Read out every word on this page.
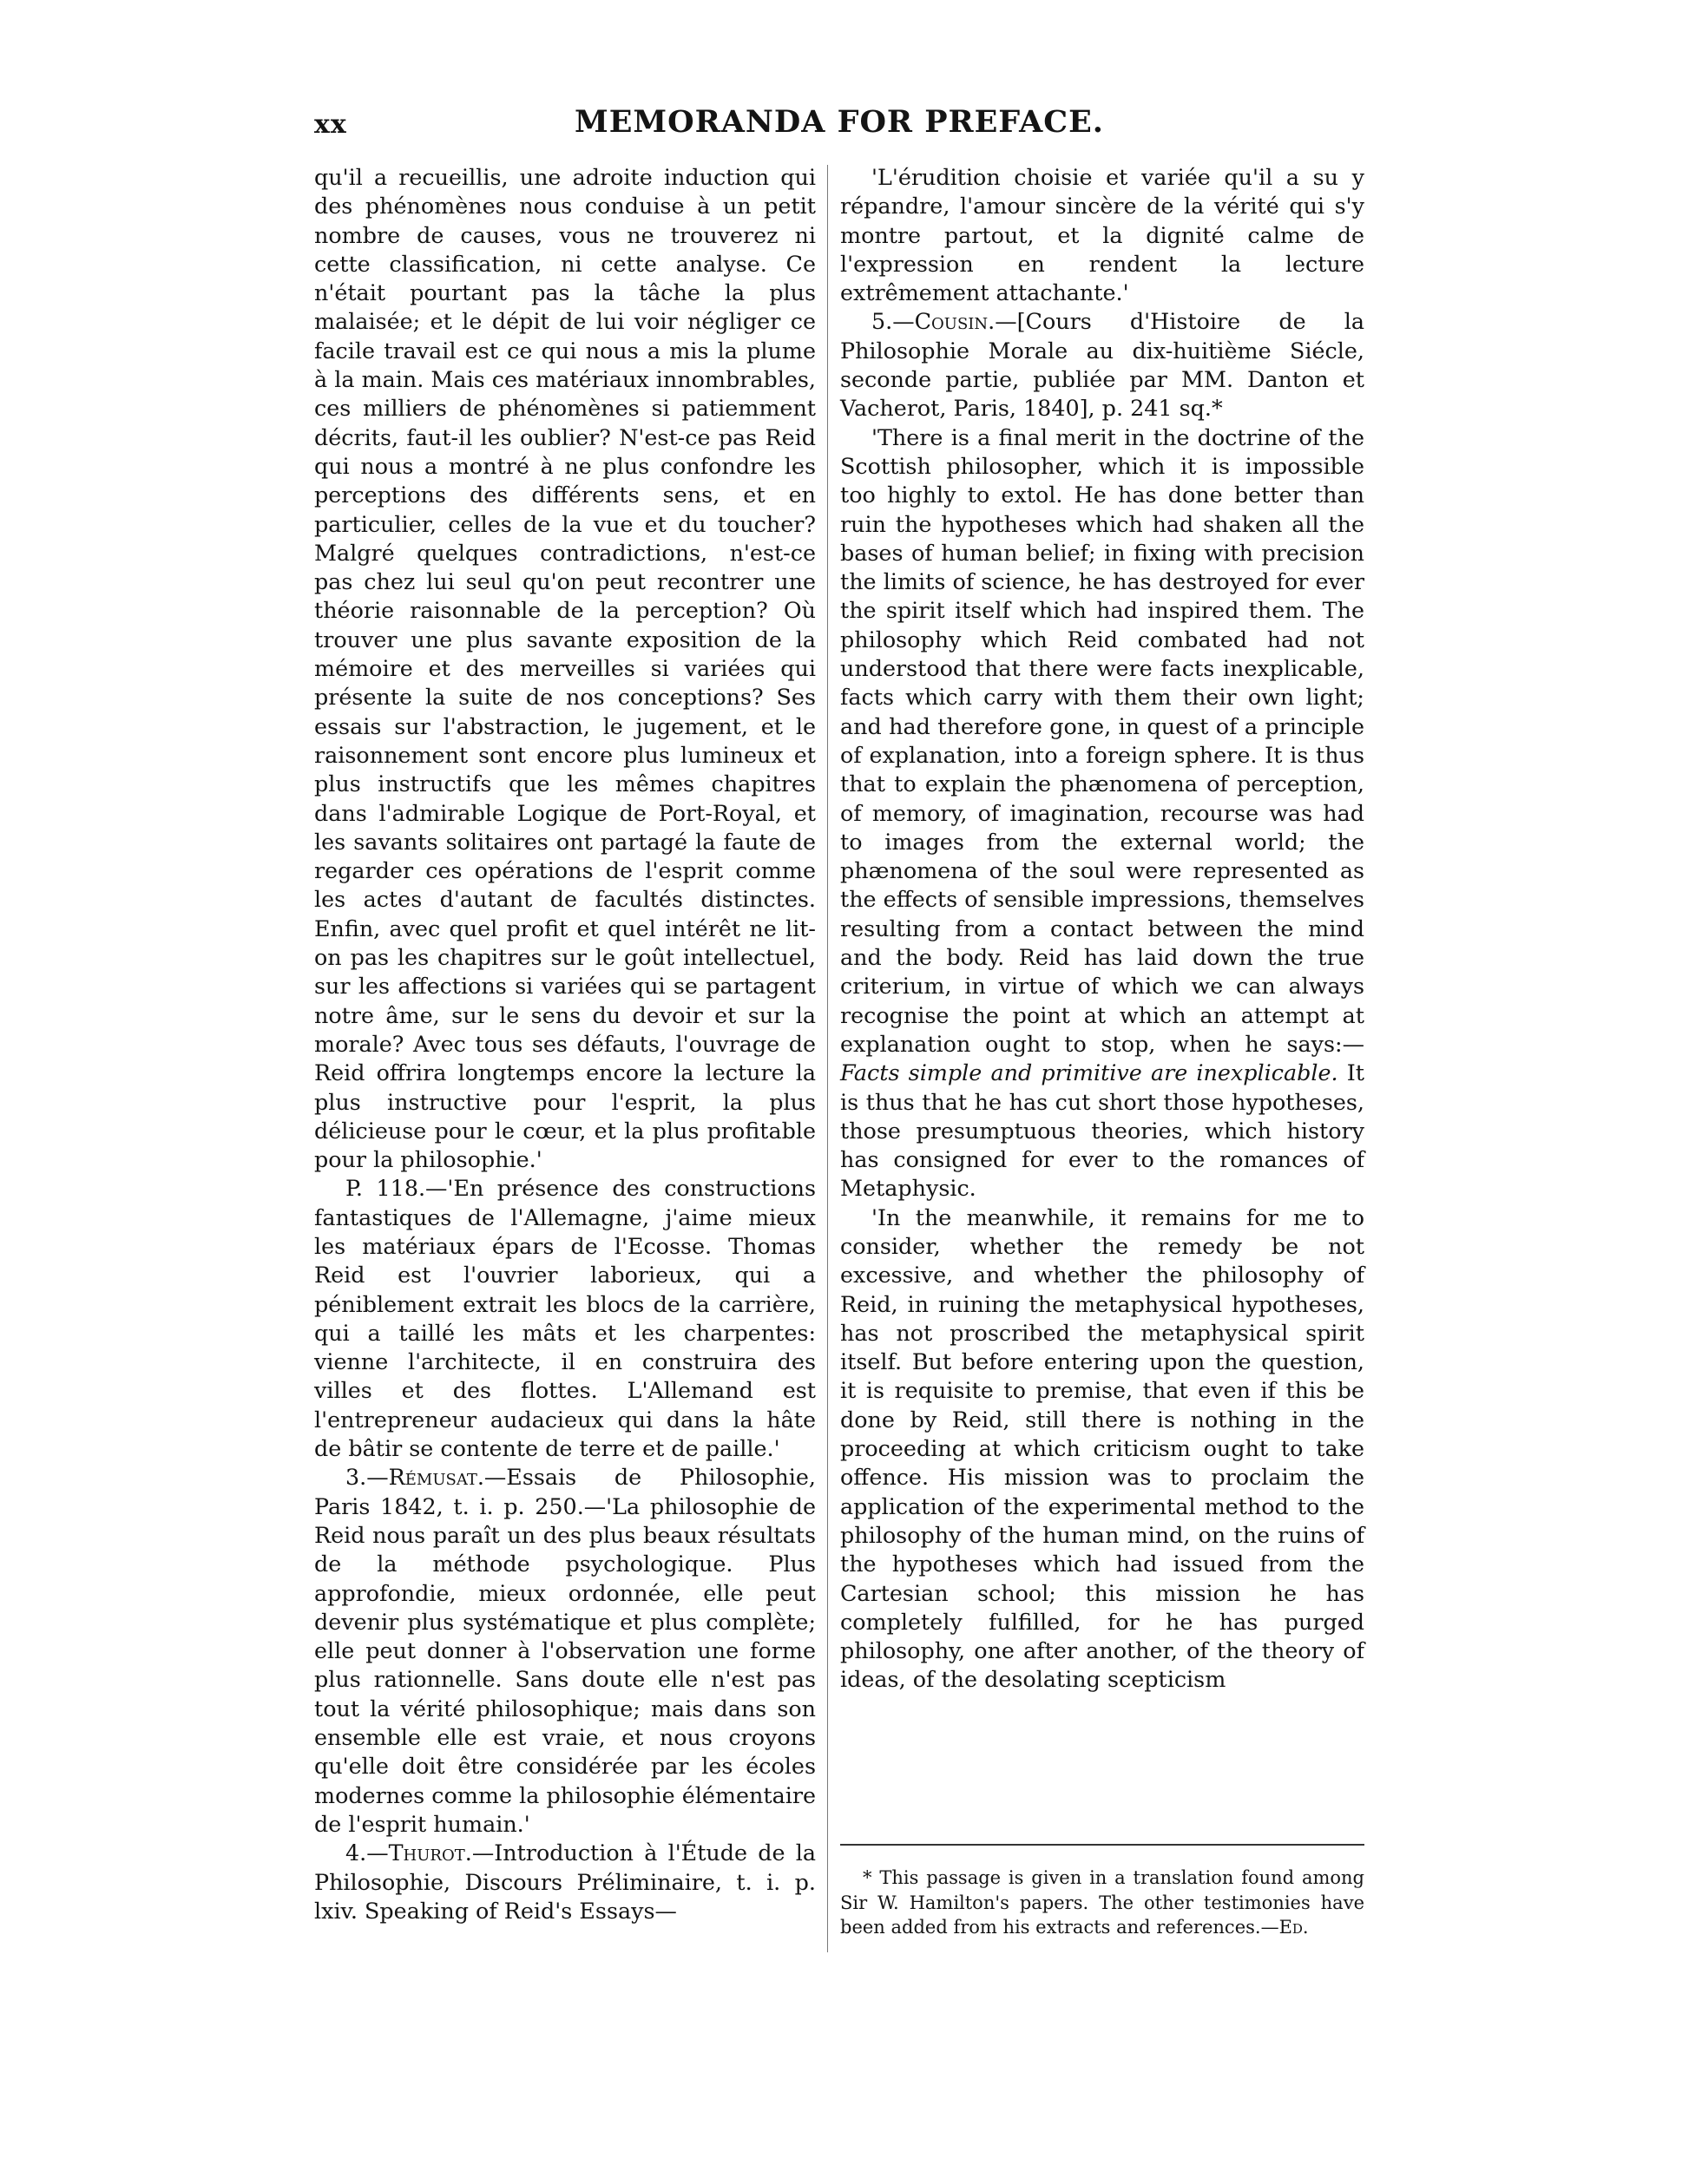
xx	MEMORANDA FOR PREFACE.

qu'il a recueillis, une adroite induction qui des phénomènes nous conduise à un petit nombre de causes, vous ne trouverez ni cette classification, ni cette analyse. Ce n'était pourtant pas la tâche la plus malaisée; et le dépit de lui voir négliger ce facile travail est ce qui nous a mis la plume à la main. Mais ces matériaux innombrables, ces milliers de phénomènes si patiemment décrits, faut-il les oublier? N'est-ce pas Reid qui nous a montré à ne plus confondre les perceptions des différents sens, et en particulier, celles de la vue et du toucher? Malgré quelques contradictions, n'est-ce pas chez lui seul qu'on peut recontrer une théorie raisonnable de la perception? Où trouver une plus savante exposition de la mémoire et des merveilles si variées qui présente la suite de nos conceptions? Ses essais sur l'abstraction, le jugement, et le raisonnement sont encore plus lumineux et plus instructifs que les mêmes chapitres dans l'admirable Logique de Port-Royal, et les savants solitaires ont partagé la faute de regarder ces opérations de l'esprit comme les actes d'autant de facultés distinctes. Enfin, avec quel profit et quel intérêt ne lit-on pas les chapitres sur le goût intellectuel, sur les affections si variées qui se partagent notre âme, sur le sens du devoir et sur la morale? Avec tous ses défauts, l'ouvrage de Reid offrira longtemps encore la lecture la plus instructive pour l'esprit, la plus délicieuse pour le cœur, et la plus profitable pour la philosophie.'

P. 118.—'En présence des constructions fantastiques de l'Allemagne, j'aime mieux les matériaux épars de l'Ecosse. Thomas Reid est l'ouvrier laborieux, qui a péniblement extrait les blocs de la carrière, qui a taillé les mâts et les charpentes: vienne l'architecte, il en construira des villes et des flottes. L'Allemand est l'entrepreneur audacieux qui dans la hâte de bâtir se contente de terre et de paille.'

3.—Rémusat.—Essais de Philosophie, Paris 1842, t. i. p. 250.—'La philosophie de Reid nous paraît un des plus beaux résultats de la méthode psychologique. Plus approfondie, mieux ordonnée, elle peut devenir plus systématique et plus complète; elle peut donner à l'observation une forme plus rationnelle. Sans doute elle n'est pas tout la vérité philosophique; mais dans son ensemble elle est vraie, et nous croyons qu'elle doit être considérée par les écoles modernes comme la philosophie élémentaire de l'esprit humain.'

4.—Thurot.—Introduction à l'Étude de la Philosophie, Discours Préliminaire, t. i. p. lxiv. Speaking of Reid's Essays—

'L'érudition choisie et variée qu'il a su y répandre, l'amour sincère de la vérité qui s'y montre partout, et la dignité calme de l'expression en rendent la lecture extrêmement attachante.'

5.—Cousin.—[Cours d'Histoire de la Philosophie Morale au dix-huitième Siécle, seconde partie, publiée par MM. Danton et Vacherot, Paris, 1840], p. 241 sq.*

'There is a final merit in the doctrine of the Scottish philosopher, which it is impossible too highly to extol. He has done better than ruin the hypotheses which had shaken all the bases of human belief; in fixing with precision the limits of science, he has destroyed for ever the spirit itself which had inspired them. The philosophy which Reid combated had not understood that there were facts inexplicable, facts which carry with them their own light; and had therefore gone, in quest of a principle of explanation, into a foreign sphere. It is thus that to explain the phænomena of perception, of memory, of imagination, recourse was had to images from the external world; the phænomena of the soul were represented as the effects of sensible impressions, themselves resulting from a contact between the mind and the body. Reid has laid down the true criterium, in virtue of which we can always recognise the point at which an attempt at explanation ought to stop, when he says:—Facts simple and primitive are inexplicable. It is thus that he has cut short those hypotheses, those presumptuous theories, which history has consigned for ever to the romances of Metaphysic.

'In the meanwhile, it remains for me to consider, whether the remedy be not excessive, and whether the philosophy of Reid, in ruining the metaphysical hypotheses, has not proscribed the metaphysical spirit itself. But before entering upon the question, it is requisite to premise, that even if this be done by Reid, still there is nothing in the proceeding at which criticism ought to take offence. His mission was to proclaim the application of the experimental method to the philosophy of the human mind, on the ruins of the hypotheses which had issued from the Cartesian school; this mission he has completely fulfilled, for he has purged philosophy, one after another, of the theory of ideas, of the desolating scepticism

* This passage is given in a translation found among Sir W. Hamilton's papers. The other testimonies have been added from his extracts and references.—Ed.
